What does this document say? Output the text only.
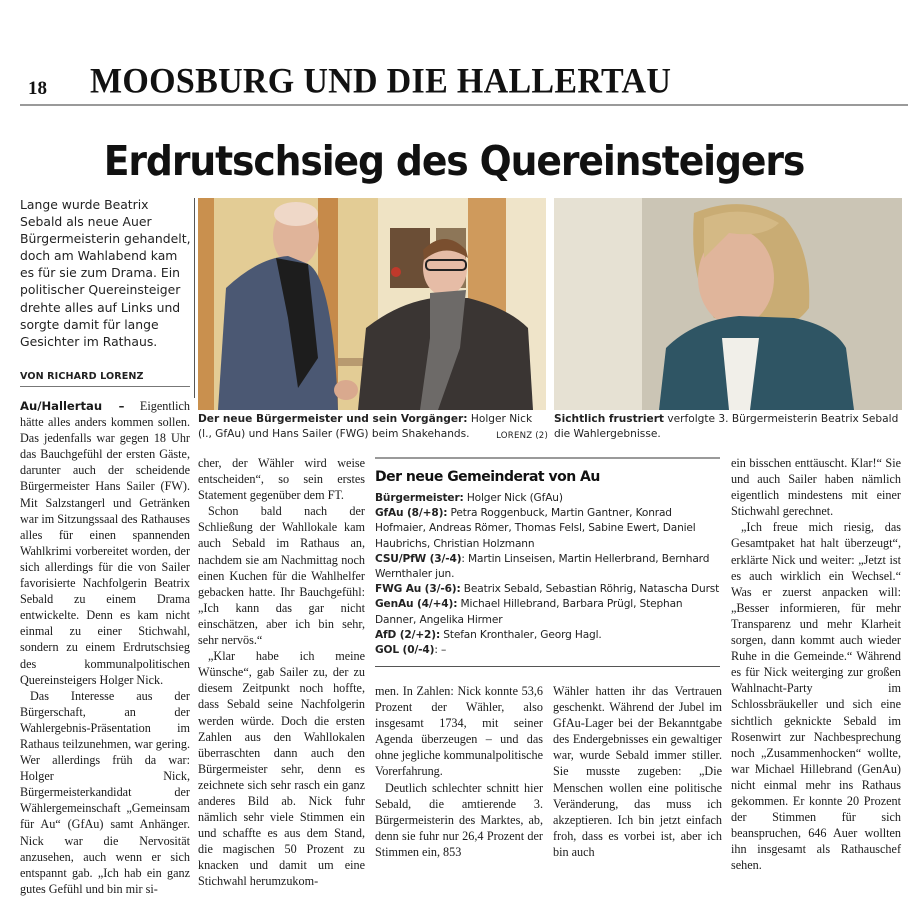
18 MOOSBURG UND DIE HALLERTAU
Erdrutschsieg des Quereinsteigers
Lange wurde Beatrix Sebald als neue Auer Bürgermeisterin gehandelt, doch am Wahlabend kam es für sie zum Drama. Ein politischer Quereinsteiger drehte alles auf Links und sorgte damit für lange Gesichter im Rathaus.
VON RICHARD LORENZ
Der neue Bürgermeister und sein Vorgänger: Holger Nick (l., GfAu) und Hans Sailer (FWG) beim Shakehands.	LORENZ (2)
Sichtlich frustriert verfolgte 3. Bürgermeisterin Beatrix Sebald die Wahlergebnisse.

Au/Hallertau – Eigentlich hätte alles anders kommen sollen. Das jedenfalls war gegen 18 Uhr das Bauchgefühl der ersten Gäste, darunter auch der scheidende Bürgermeister Hans Sailer (FW). Mit Salzstangerl und Getränken war im Sitzungssaal des Rathauses alles für einen spannenden Wahlkrimi vorbereitet worden, der sich allerdings für die von Sailer favorisierte Nachfolgerin Beatrix Sebald zu einem Drama entwickelte. Denn es kam nicht einmal zu einer Stichwahl, sondern zu einem Erdrutschsieg des kommunalpolitischen Quereinsteigers Holger Nick.

Das Interesse aus der Bürgerschaft, an der Wahlergebnis-Präsentation im Rathaus teilzunehmen, war gering. Wer allerdings früh da war: Holger Nick, Bürgermeisterkandidat der Wählergemeinschaft „Gemeinsam für Au“ (GfAu) samt Anhänger. Nick war die Nervosität anzusehen, auch wenn er sich entspannt gab. „Ich hab ein ganz gutes Gefühl und bin mir si-

cher, der Wähler wird weise entscheiden“, so sein erstes Statement gegenüber dem FT.

Schon bald nach der Schließung der Wahllokale kam auch Sebald im Rathaus an, nachdem sie am Nachmittag noch einen Kuchen für die Wahlhelfer gebacken hatte. Ihr Bauchgefühl: „Ich kann das gar nicht einschätzen, aber ich bin sehr, sehr nervös.“

„Klar habe ich meine Wünsche“, gab Sailer zu, der zu diesem Zeitpunkt noch hoffte, dass Sebald seine Nachfolgerin werden würde. Doch die ersten Zahlen aus den Wahllokalen überraschten dann auch den Bürgermeister sehr, denn es zeichnete sich sehr rasch ein ganz anderes Bild ab. Nick fuhr nämlich sehr viele Stimmen ein und schaffte es aus dem Stand, die magischen 50 Prozent zu knacken und damit um eine Stichwahl herumzukom-

Der neue Gemeinderat von Au
Bürgermeister: Holger Nick (GfAu)
GfAu (8/+8): Petra Roggenbuck, Martin Gantner, Konrad Hofmaier, Andreas Römer, Thomas Felsl, Sabine Ewert, Daniel Haubrichs, Christian Holzmann
CSU/PfW (3/-4): Martin Linseisen, Martin Hellerbrand, Bernhard Wernthaler jun.
FWG Au (3/-6): Beatrix Sebald, Sebastian Röhrig, Natascha Durst
GenAu (4/+4): Michael Hillebrand, Barbara Prügl, Stephan Danner, Angelika Hirmer
AfD (2/+2): Stefan Kronthaler, Georg Hagl.
GOL (0/-4): –

men. In Zahlen: Nick konnte 53,6 Prozent der Wähler, also insgesamt 1734, mit seiner Agenda überzeugen – und das ohne jegliche kommunalpolitische Vorerfahrung.

Deutlich schlechter schnitt hier Sebald, die amtierende 3. Bürgermeisterin des Marktes, ab, denn sie fuhr nur 26,4 Prozent der Stimmen ein, 853

Wähler hatten ihr das Vertrauen geschenkt. Während der Jubel im GfAu-Lager bei der Bekanntgabe des Endergebnisses ein gewaltiger war, wurde Sebald immer stiller. Sie musste zugeben: „Die Menschen wollen eine politische Veränderung, das muss ich akzeptieren. Ich bin jetzt einfach froh, dass es vorbei ist, aber ich bin auch

ein bisschen enttäuscht. Klar!“ Sie und auch Sailer haben nämlich eigentlich mindestens mit einer Stichwahl gerechnet.

„Ich freue mich riesig, das Gesamtpaket hat halt überzeugt“, erklärte Nick und weiter: „Jetzt ist es auch wirklich ein Wechsel.“ Was er zuerst anpacken will: „Besser informieren, für mehr Transparenz und mehr Klarheit sorgen, dann kommt auch wieder Ruhe in die Gemeinde.“ Während es für Nick weiterging zur großen Wahlnacht-Party im Schlossbräukeller und sich eine sichtlich geknickte Sebald im Rosenwirt zur Nachbesprechung noch „Zusammenhocken“ wollte, war Michael Hillebrand (GenAu) nicht einmal mehr ins Rathaus gekommen. Er konnte 20 Prozent der Stimmen für sich beanspruchen, 646 Auer wollten ihn insgesamt als Rathauschef sehen.
